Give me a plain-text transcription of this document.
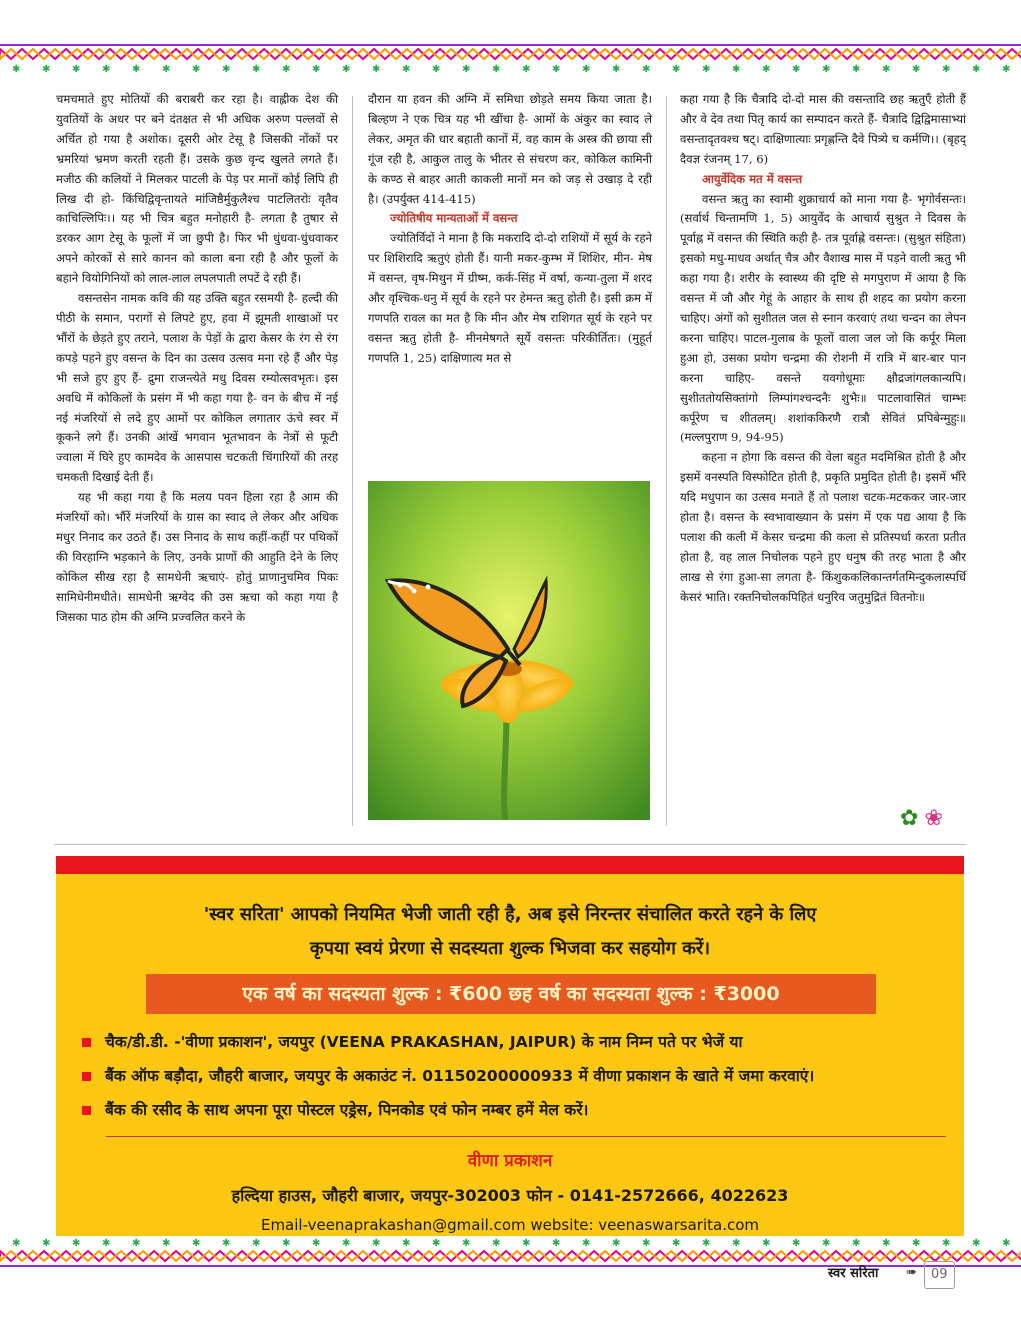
✱ ✱ ✱ ✱ ✱ ✱ ✱ ✱ ✱ ✱ ✱ ✱ ✱ ✱ ✱ ✱ ✱ ✱ ✱ ✱ ✱ ✱ ✱ ✱ ✱ ✱ ✱ ✱ ✱ ✱ ✱ ✱ ✱ ✱
✱ ✱ ✱ ✱ ✱ ✱ ✱ ✱ ✱ ✱ ✱ ✱ ✱ ✱ ✱ ✱ ✱ ✱ ✱ ✱ ✱ ✱ ✱ ✱ ✱ ✱ ✱ ✱ ✱ ✱ ✱ ✱ ✱ ✱

चमचमाते हुए मोतियों की बराबरी कर रहा है। वाह्लीक देश की युवतियों के अधर पर बने दंतक्षत से भी अधिक अरुण पल्लवों से अर्चित हो गया है अशोक। दूसरी ओर टेसू है जिसकी नोंकों पर भ्रमरियां भ्रमण करती रहती हैं। उसके कुछ वृन्द खुलते लगते हैं। मजीठ की कलियों ने मिलकर पाटली के पेड़ पर मानों कोई लिपि ही लिख दी हो- किंचिद्विवृन्तायते मांजिष्ठैर्मुकुलैश्च पाटलितरोः वृतैव काचिल्लिपिः।। यह भी चित्र बहुत मनोहारी है- लगता है तुषार से डरकर आग टेसू के फूलों में जा छुपी है। फिर भी धुंधवा-धुंधवाकर अपने कोरकों से सारे कानन को काला बना रही है और फूलों के बहाने वियोगिनियों को लाल-लाल लपलपाती लपटें दे रही हैं।

वसन्तसेन नामक कवि की यह उक्ति बहुत रसमयी है- हल्दी की पीठी के समान, परागों से लिपटे हुए, हवा में झूमती शाखाओं पर भौंरों के छेड़ते हुए तराने, पलाश के पेड़ों के द्वारा केसर के रंग से रंग कपड़े पहने हुए वसन्त के दिन का उत्सव उत्सव मना रहे हैं और पेड़ भी सजे हुए हुए हैं- द्रुमा राजन्त्येते मधु दिवस रम्योत्सवभृतः। इस अवधि में कोकिलों के प्रसंग में भी कहा गया है- वन के बीच में नई नई मंजरियों से लदे हुए आमों पर कोकिल लगातार ऊंचे स्वर में कूकने लगे हैं। उनकी आंखें भगवान भूतभावन के नेत्रों से फूटी ज्वाला में घिरे हुए कामदेव के आसपास चटकती चिंगारियों की तरह चमकती दिखाई देती हैं।

यह भी कहा गया है कि मलय पवन हिला रहा है आम की मंजरियों को। भौंरें मंजरियों के ग्रास का स्वाद ले लेकर और अधिक मधुर निनाद कर उठते हैं। उस निनाद के साथ कहीं-कहीं पर पथिकों की विरहाग्नि भड़काने के लिए, उनके प्राणों की आहुति देने के लिए कोकिल सीख रहा है सामधेनी ऋचाएं- होतुं प्राणानुचमिव पिकः सामिधेनीमधीते। सामधेनी ऋग्वेद की उस ऋचा को कहा गया है जिसका पाठ होम की अग्नि प्रज्वलित करने के

दौरान या हवन की अग्नि में समिधा छोड़ते समय किया जाता है। बिल्हण ने एक चित्र यह भी खींचा है- आमों के अंकुर का स्वाद ले लेकर, अमृत की धार बहाती कानों में, वह काम के अस्त्र की छाया सी गूंज रही है, आकुल तालु के भीतर से संचरण कर, कोकिल कामिनी के कण्ठ से बाहर आती काकली मानों मन को जड़ से उखाड़ दे रही है। (उपर्युक्त 414-415)

ज्योतिषीय मान्यताओं में वसन्त

ज्योतिर्विदों ने माना है कि मकरादि दो-दो राशियों में सूर्य के रहने पर शिशिरादि ऋतुएं होती हैं। यानी मकर-कुम्भ में शिशिर, मीन- मेष में वसन्त, वृष-मिथुन में ग्रीष्म, कर्क-सिंह में वर्षा, कन्या-तुला में शरद और वृश्चिक-धनु में सूर्य के रहने पर हेमन्त ऋतु होती है। इसी क्रम में गणपति रावल का मत है कि मीन और मेष राशिगत सूर्य के रहने पर वसन्त ऋतु होती है- मीनमेषगते सूर्ये वसन्तः परिकीर्तितः। (मुहूर्त गणपति 1, 25) दाक्षिणात्य मत से

कहा गया है कि चैत्रादि दो-दो मास की वसन्तादि छह ऋतुएँ होती हैं और वे देव तथा पितृ कार्य का सम्पादन करते हैं- चैत्रादि द्विद्विमासाभ्यां वसन्तादृतवश्च षट्। दाक्षिणात्याः प्रगृह्णन्ति दैवे पित्र्ये च कर्मणि।। (बृहद् दैवज्ञ रंजनम् 17, 6)

आयुर्वेदिक मत में वसन्त

वसन्त ऋतु का स्वामी शुक्राचार्य को माना गया है- भृगोर्वसन्तः। (सर्वार्थ चिन्तामणि 1, 5) आयुर्वेद के आचार्य सुश्रुत ने दिवस के पूर्वाह्न में वसन्त की स्थिति कही है- तत्र पूर्वाह्णे वसन्तः। (सुश्रुत संहिता) इसको मधु-माधव अर्थात् चैत्र और वैशाख मास में पड़ने वाली ऋतु भी कहा गया है। शरीर के स्वास्थ्य की दृष्टि से मगपुराण में आया है कि वसन्त में जौ और गेहूं के आहार के साथ ही शहद का प्रयोग करना चाहिए। अंगों को सुशीतल जल से स्नान करवाएं तथा चन्दन का लेपन करना चाहिए। पाटल-गुलाब के फूलों वाला जल जो कि कर्पूर मिला हुआ हो, उसका प्रयोग चन्द्रमा की रोशनी में रात्रि में बार-बार पान करना चाहिए- वसन्ते यवगोधूमाः क्षौद्रजांगलकान्यपि। सुशीततोयसिक्तांगो लिम्पांगश्चन्दनैः शुभैः॥ पाटलावासितं चाम्भः कर्पूरेण च शीतलम्। शशांककिरणै रात्रौ सेवितं प्रपिबेन्मुहुः॥ (मल्लपुराण 9, 94-95)

कहना न होगा कि वसन्त की वेला बहुत मदमिश्रित होती है और इसमें वनस्पति विस्फोटित होती है, प्रकृति प्रमुदित होती है। इसमें भौंरे यदि मधुपान का उत्सव मनाते हैं तो पलाश चटक-मटककर जार-जार होता है। वसन्त के स्वभावाख्यान के प्रसंग में एक पद्य आया है कि पलाश की कली में केसर चन्द्रमा की कला से प्रतिस्पर्धा करता प्रतीत होता है, वह लाल निचोलक पहने हुए धनुष की तरह भाता है और लाख से रंगा हुआ-सा लगता है- किंशुककलिकान्तर्गतमिन्दुकलास्पर्धि केसरं भाति। रक्तनिचोलकपिहितं धनुरिव जतुमुद्रितं वितनोः॥

✿❀
'स्वर सरिता' आपको नियमित भेजी जाती रही है, अब इसे निरन्तर संचालित करते रहने के लिए
कृपया स्वयं प्रेरणा से सदस्यता शुल्क भिजवा कर सहयोग करें।
एक वर्ष का सदस्यता शुल्क : ₹600 छह वर्ष का सदस्यता शुल्क : ₹3000
चैक/डी.डी. -'वीणा प्रकाशन', जयपुर (VEENA PRAKASHAN, JAIPUR) के नाम निम्न पते पर भेजें या
बैंक ऑफ बड़ौदा, जौहरी बाजार, जयपुर के अकाउंट नं. 01150200000933 में वीणा प्रकाशन के खाते में जमा करवाएं।
बैंक की रसीद के साथ अपना पूरा पोस्टल एड्रेस, पिनकोड एवं फोन नम्बर हमें मेल करें।
वीणा प्रकाशन
हल्दिया हाउस, जौहरी बाजार, जयपुर-302003 फोन - 0141-2572666, 4022623
Email-veenaprakashan@gmail.com website: veenaswarsarita.com
स्वर सरिता ➠	09
